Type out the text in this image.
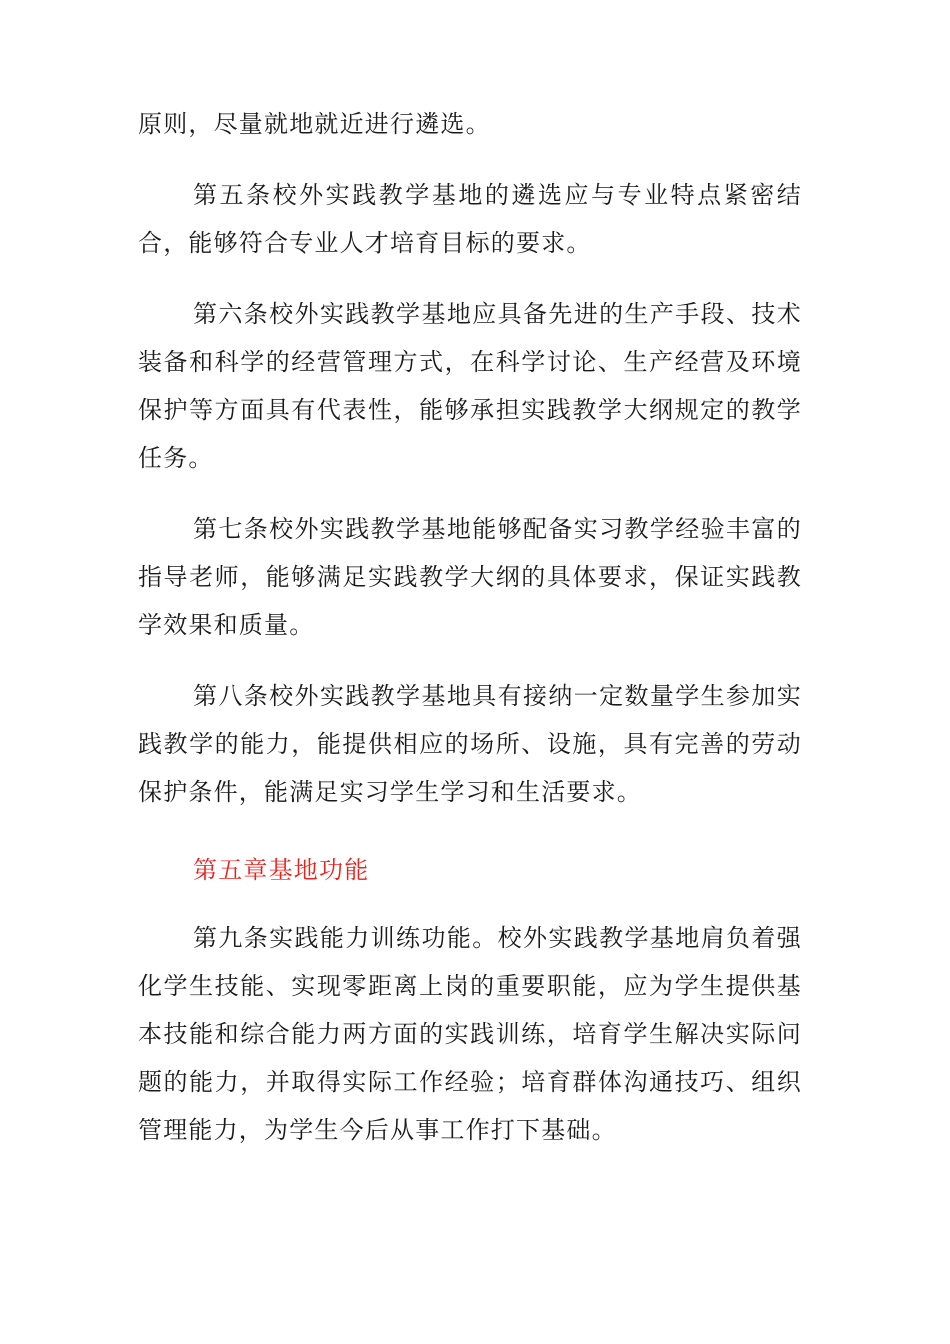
原则，尽量就地就近进行遴选。

第五条校外实践教学基地的遴选应与专业特点紧密结合，能够符合专业人才培育目标的要求。

第六条校外实践教学基地应具备先进的生产手段、技术装备和科学的经营管理方式，在科学讨论、生产经营及环境保护等方面具有代表性，能够承担实践教学大纲规定的教学任务。

第七条校外实践教学基地能够配备实习教学经验丰富的指导老师，能够满足实践教学大纲的具体要求，保证实践教学效果和质量。

第八条校外实践教学基地具有接纳一定数量学生参加实践教学的能力，能提供相应的场所、设施，具有完善的劳动保护条件，能满足实习学生学习和生活要求。

第五章基地功能

第九条实践能力训练功能。校外实践教学基地肩负着强化学生技能、实现零距离上岗的重要职能，应为学生提供基本技能和综合能力两方面的实践训练，培育学生解决实际问题的能力，并取得实际工作经验；培育群体沟通技巧、组织管理能力，为学生今后从事工作打下基础。
